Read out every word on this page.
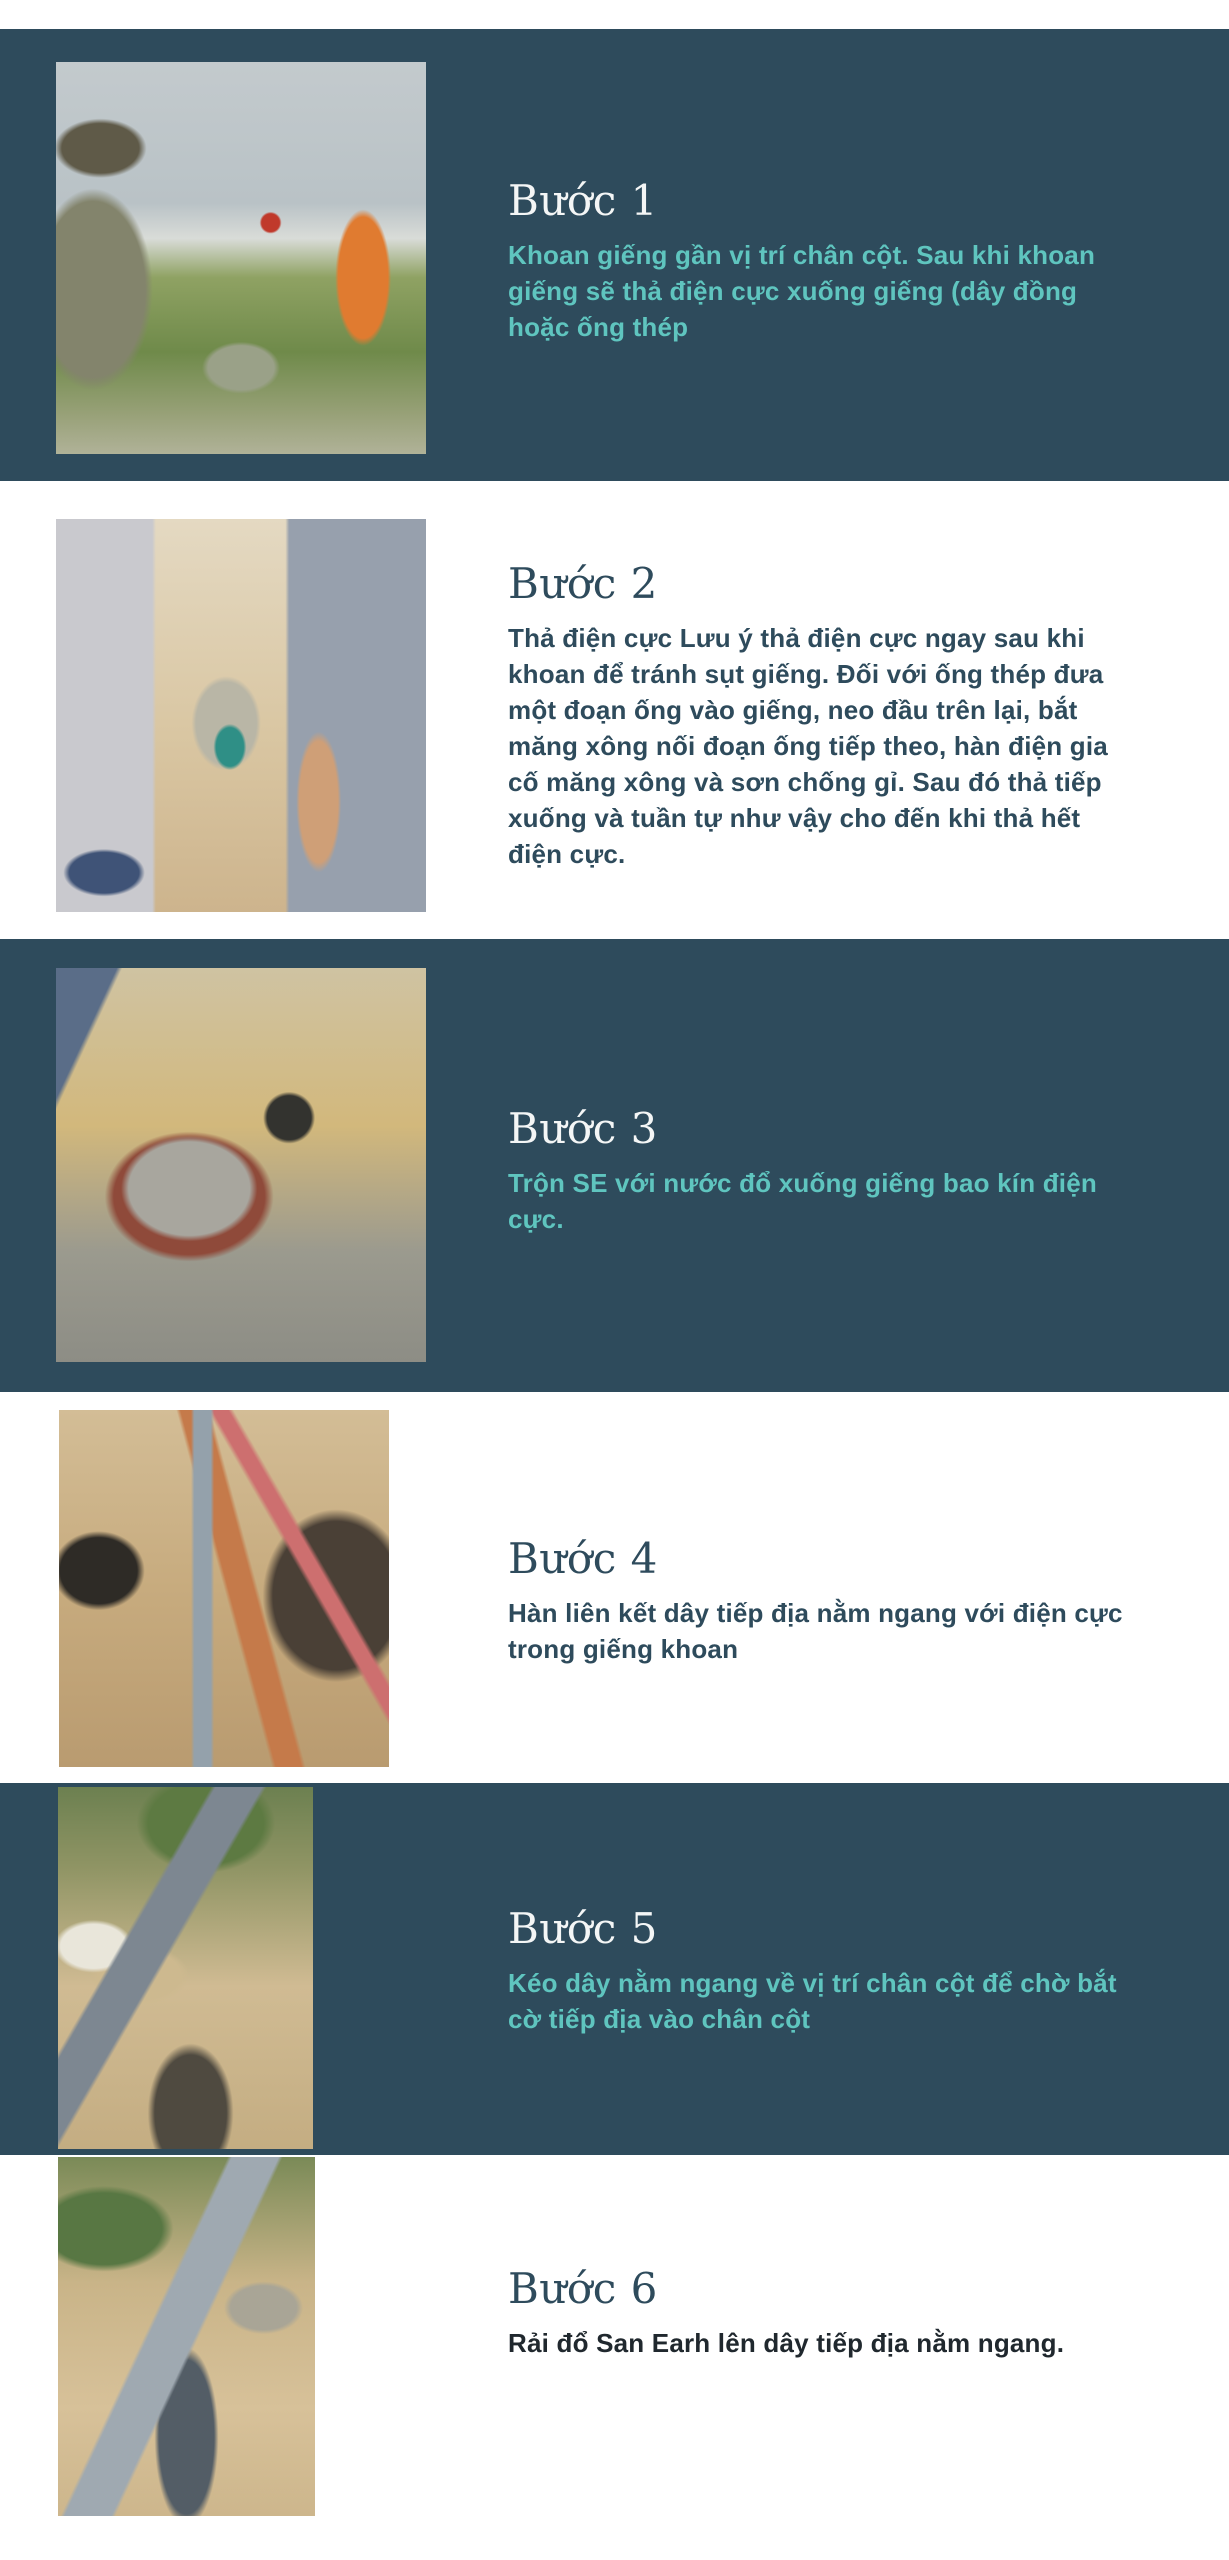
Bước 1

Khoan giếng gần vị trí chân cột. Sau khi khoan giếng sẽ thả điện cực xuống giếng (dây đồng hoặc ống thép

Bước 2

Thả điện cực Lưu ý thả điện cực ngay sau khi khoan để tránh sụt giếng. Đối với ống thép đưa một đoạn ống vào giếng, neo đầu trên lại, bắt măng xông nối đoạn ống tiếp theo, hàn điện gia cố măng xông và sơn chống gỉ. Sau đó thả tiếp xuống và tuần tự như vậy cho đến khi thả hết điện cực.

Bước 3

Trộn SE với nước đổ xuống giếng bao kín điện cực.

Bước 4

Hàn liên kết dây tiếp địa nằm ngang với điện cực trong giếng khoan

Bước 5

Kéo dây nằm ngang về vị trí chân cột để chờ bắt cờ tiếp địa vào chân cột

Bước 6

Rải đổ San Earh lên dây tiếp địa nằm ngang.
